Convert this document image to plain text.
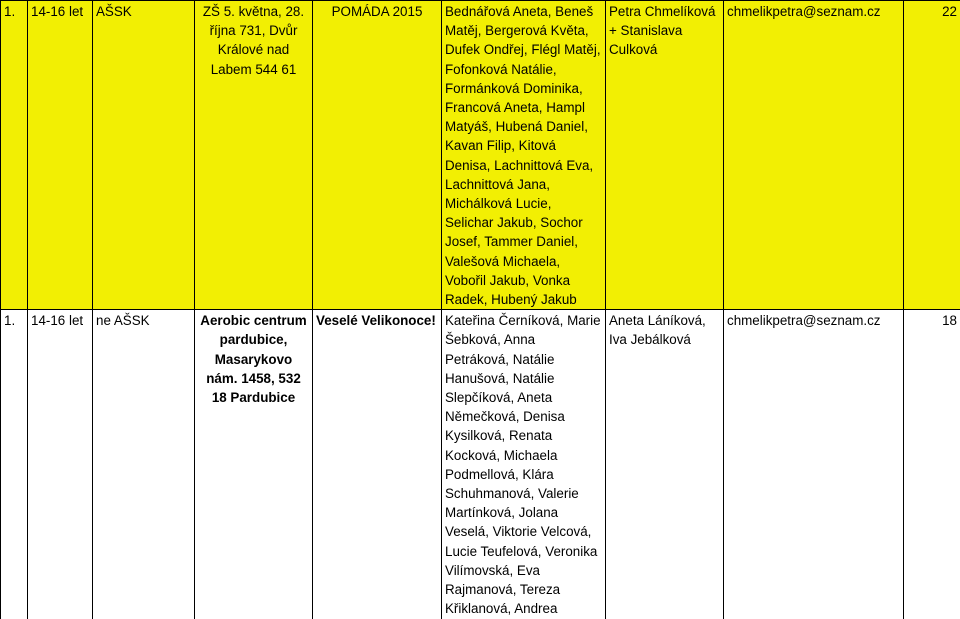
1.	14-16 let	AŠSK	ZŠ 5. května, 28. října 731, Dvůr Králové nad Labem 544 61	POMÁDA 2015	Bednářová Aneta, Beneš Matěj, Bergerová Květa, Dufek Ondřej, Flégl Matěj, Fofonková Natálie, Formánková Dominika, Francová Aneta, Hampl Matyáš, Hubená Daniel, Kavan Filip, Kitová Denisa, Lachnittová Eva, Lachnittová Jana, Michálková Lucie, Selichar Jakub, Sochor Josef, Tammer Daniel, Valešová Michaela, Vobořil Jakub, Vonka Radek, Hubený Jakub	Petra Chmelíková + Stanislava Culková	chmelikpetra@seznam.cz	22
1.	14-16 let	ne AŠSK	Aerobic centrum pardubice, Masarykovo nám. 1458, 532 18 Pardubice	Veselé Velikonoce!	Kateřina Černíková, Marie Šebková, Anna Petráková, Natálie Hanušová, Natálie Slepčíková, Aneta Němečková, Denisa Kysilková, Renata Kocková, Michaela Podmellová, Klára Schuhmanová, Valerie Martínková, Jolana Veselá, Viktorie Velcová, Lucie Teufelová, Veronika Vilímovská, Eva Rajmanová, Tereza Křiklanová, Andrea	Aneta Láníková, Iva Jebálková	chmelikpetra@seznam.cz	18
